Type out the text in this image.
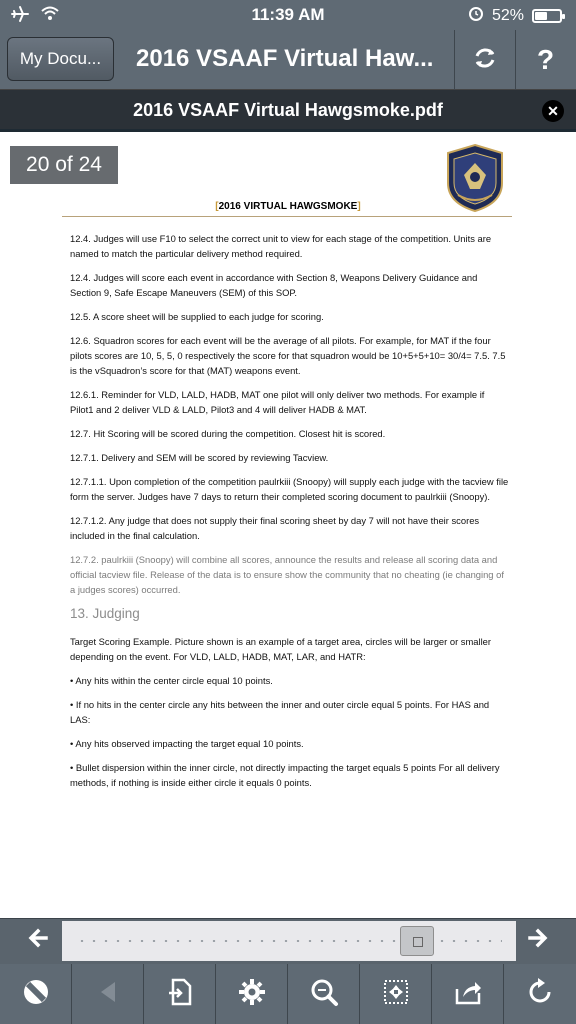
11:39 AM	52%
My Docu...	2016 VSAAF Virtual Haw...	?
2016 VSAAF Virtual Hawgsmoke.pdf	✕
[2016 VIRTUAL HAWGSMOKE]

12.4. Judges will use F10 to select the correct unit to view for each stage of the competition. Units are named to match the particular delivery method required.

12.4. Judges will score each event in accordance with Section 8, Weapons Delivery Guidance and Section 9, Safe Escape Maneuvers (SEM) of this SOP.

12.5. A score sheet will be supplied to each judge for scoring.

12.6. Squadron scores for each event will be the average of all pilots. For example, for MAT if the four pilots scores are 10, 5, 5, 0 respectively the score for that squadron would be 10+5+5+10= 30/4= 7.5. 7.5 is the vSquadron’s score for that (MAT) weapons event.

12.6.1. Reminder for VLD, LALD, HADB, MAT one pilot will only deliver two methods. For example if Pilot1 and 2 deliver VLD & LALD, Pilot3 and 4 will deliver HADB & MAT.

12.7. Hit Scoring will be scored during the competition. Closest hit is scored.

12.7.1. Delivery and SEM will be scored by reviewing Tacview.

12.7.1.1. Upon completion of the competition paulrkiii (Snoopy) will supply each judge with the tacview file form the server. Judges have 7 days to return their completed scoring document to paulrkiii (Snoopy).

12.7.1.2. Any judge that does not supply their final scoring sheet by day 7 will not have their scores included in the final calculation.

12.7.2. paulrkiii (Snoopy) will combine all scores, announce the results and release all scoring data and official tacview file. Release of the data is to ensure show the community that no cheating (ie changing of a judges scores) occurred.

13. Judging

Target Scoring Example. Picture shown is an example of a target area, circles will be larger or smaller depending on the event. For VLD, LALD, HADB, MAT, LAR, and HATR:

• Any hits within the center circle equal 10 points.

• If no hits in the center circle any hits between the inner and outer circle equal 5 points. For HAS and LAS:

• Any hits observed impacting the target equal 10 points.

• Bullet dispersion within the inner circle, not directly impacting the target equals 5 points For all delivery methods, if nothing is inside either circle it equals 0 points.

20 of 24
